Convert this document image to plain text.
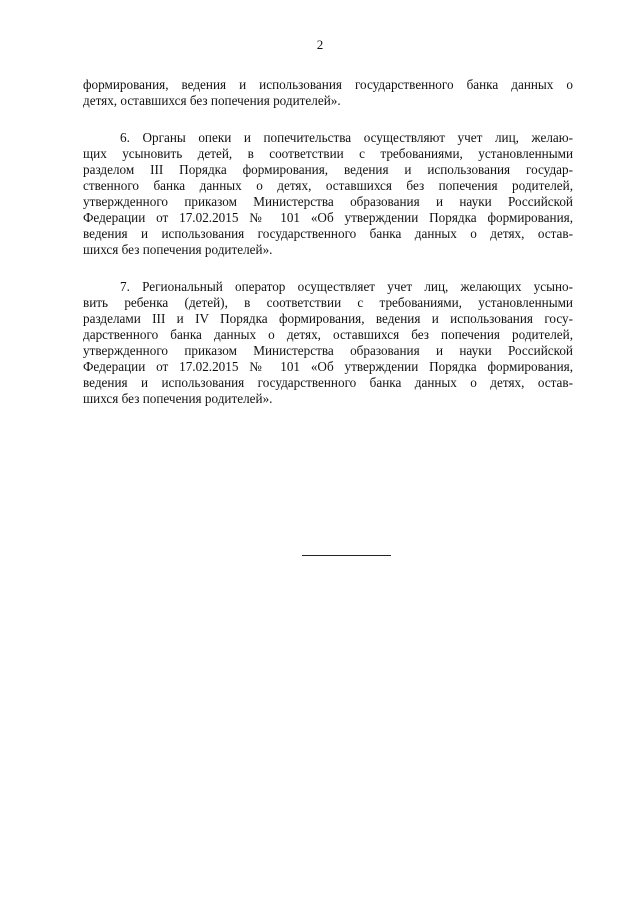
2
формирования, ведения и использования государственного банка данных о
детях, оставшихся без попечения родителей».
6. Органы опеки и попечительства осуществляют учет лиц, желаю-
щих усыновить детей, в соответствии с требованиями, установленными
разделом III Порядка формирования, ведения и использования государ-
ственного банка данных о детях, оставшихся без попечения родителей,
утвержденного приказом Министерства образования и науки Российской
Федерации от 17.02.2015 № 101 «Об утверждении Порядка формирования,
ведения и использования государственного банка данных о детях, остав-
шихся без попечения родителей».
7. Региональный оператор осуществляет учет лиц, желающих усыно-
вить ребенка (детей), в соответствии с требованиями, установленными
разделами III и IV Порядка формирования, ведения и использования госу-
дарственного банка данных о детях, оставшихся без попечения родителей,
утвержденного приказом Министерства образования и науки Российской
Федерации от 17.02.2015 № 101 «Об утверждении Порядка формирования,
ведения и использования государственного банка данных о детях, остав-
шихся без попечения родителей».
